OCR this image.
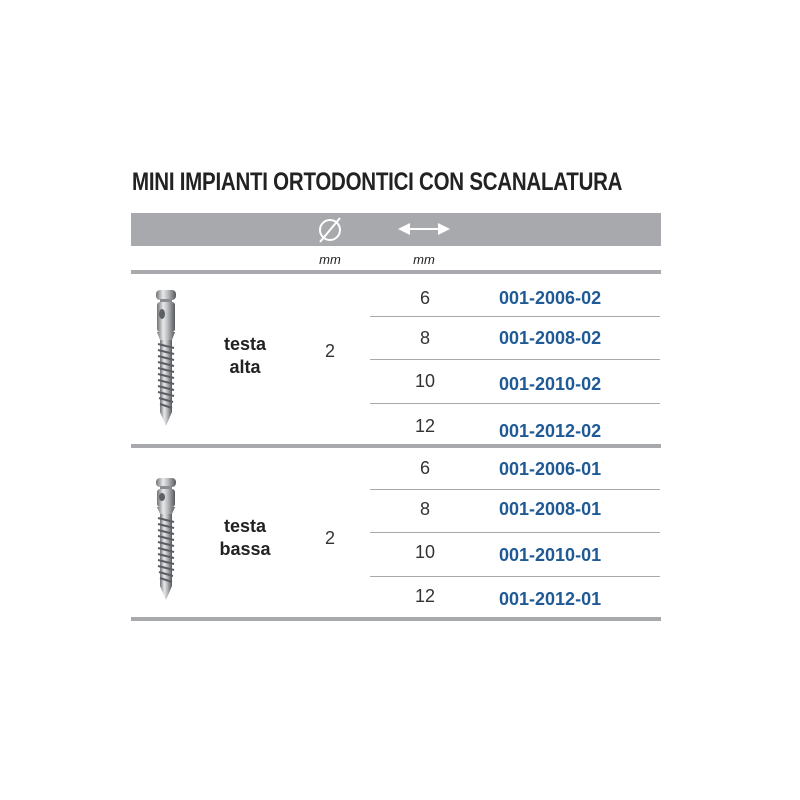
MINI IMPIANTI ORTODONTICI CON SCANALATURA
mm	mm
testa
alta
2
6	001-2006-02
8	001-2008-02
10	001-2010-02
12	001-2012-02
testa
bassa
2
6	001-2006-01
8	001-2008-01
10	001-2010-01
12	001-2012-01
